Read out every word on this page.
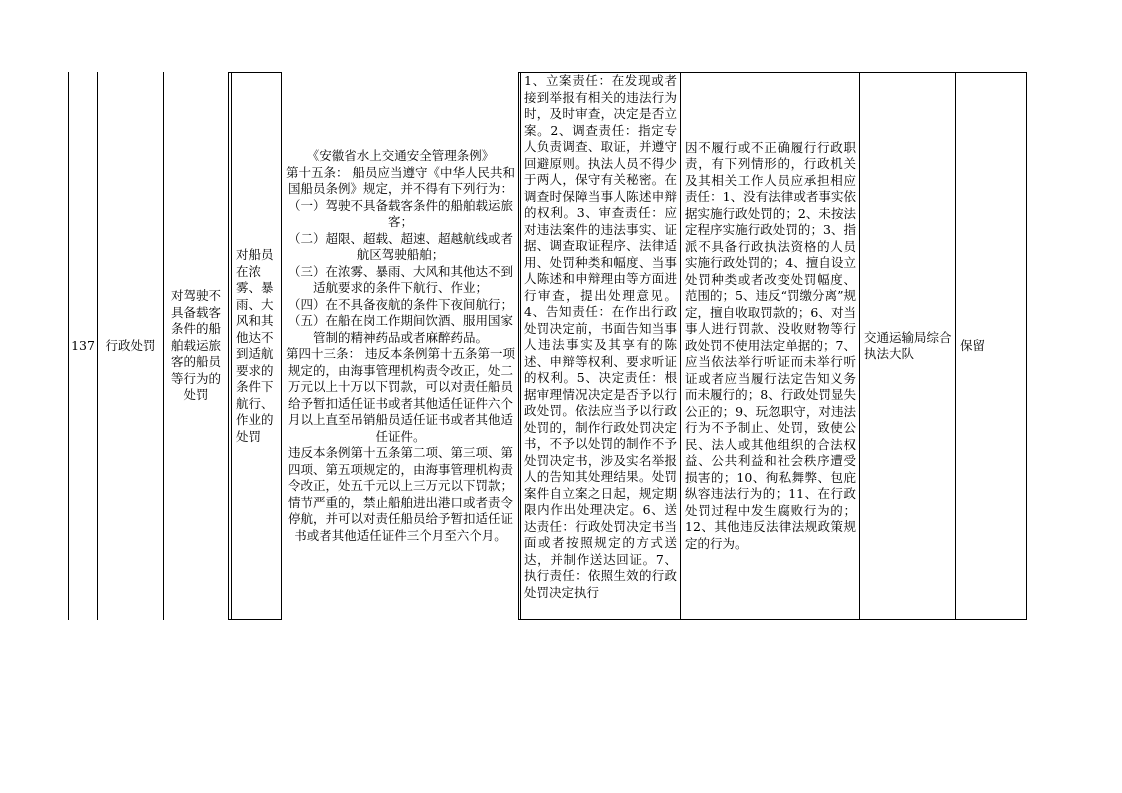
137 行政处罚
对驾驶不具备载客条件的船舶载运旅客的船员等行为的处罚
对船员在浓雾、暴雨、大风和其他达不到适航要求的条件下航行、作业的处罚
《安徽省水上交通安全管理条例》
第十五条： 船员应当遵守《中华人民共和国船员条例》规定，并不得有下列行为：
（一）驾驶不具备载客条件的船舶载运旅客；
（二）超限、超载、超速、超越航线或者航区驾驶船舶；
（三）在浓雾、暴雨、大风和其他达不到适航要求的条件下航行、作业；
（四）在不具备夜航的条件下夜间航行；
（五）在船在岗工作期间饮酒、服用国家管制的精神药品或者麻醉药品。
第四十三条： 违反本条例第十五条第一项规定的，由海事管理机构责令改正，处二万元以上十万以下罚款，可以对责任船员给予暂扣适任证书或者其他适任证件六个月以上直至吊销船员适任证书或者其他适任证件。
违反本条例第十五条第二项、第三项、第四项、第五项规定的，由海事管理机构责令改正，处五千元以上三万元以下罚款；情节严重的，禁止船舶进出港口或者责令停航，并可以对责任船员给予暂扣适任证书或者其他适任证件三个月至六个月。
1、立案责任：在发现或者接到举报有相关的违法行为时，及时审查，决定是否立案。2、调查责任：指定专人负责调查、取证，并遵守回避原则。执法人员不得少于两人，保守有关秘密。在调查时保障当事人陈述申辩的权利。3、审查责任：应对违法案件的违法事实、证据、调查取证程序、法律适用、处罚种类和幅度、当事人陈述和申辩理由等方面进行审查，提出处理意见。4、告知责任：在作出行政处罚决定前，书面告知当事人违法事实及其享有的陈述、申辩等权利、要求听证的权利。5、决定责任：根据审理情况决定是否予以行政处罚。依法应当予以行政处罚的，制作行政处罚决定书，不予以处罚的制作不予处罚决定书，涉及实名举报人的告知其处理结果。处罚案件自立案之日起，规定期限内作出处理决定。6、送达责任：行政处罚决定书当面或者按照规定的方式送达，并制作送达回证。7、执行责任：依照生效的行政处罚决定执行
因不履行或不正确履行行政职责，有下列情形的，行政机关及其相关工作人员应承担相应责任：1、没有法律或者事实依据实施行政处罚的；2、未按法定程序实施行政处罚的；3、指派不具备行政执法资格的人员实施行政处罚的；4、擅自设立处罚种类或者改变处罚幅度、范围的；5、违反“罚缴分离”规定，擅自收取罚款的；6、对当事人进行罚款、没收财物等行政处罚不使用法定单据的；7、应当依法举行听证而未举行听证或者应当履行法定告知义务而未履行的；8、行政处罚显失公正的；9、玩忽职守，对违法行为不予制止、处罚，致使公民、法人或其他组织的合法权益、公共利益和社会秩序遭受损害的；10、徇私舞弊、包庇纵容违法行为的；11、在行政处罚过程中发生腐败行为的；12、其他违反法律法规政策规定的行为。
交通运输局综合执法大队
保留
